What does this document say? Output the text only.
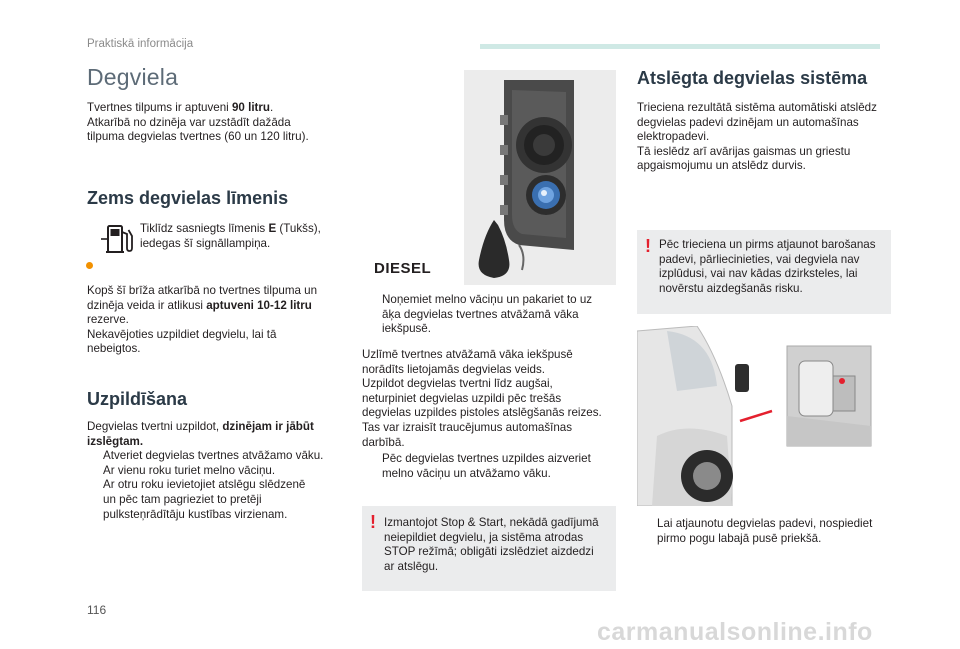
Praktiskā informācija
Degviela
Tvertnes tilpums ir aptuveni 90 litru.
Atkarībā no dzinēja var uzstādīt dažāda
tilpuma degvielas tvertnes (60 un 120 litru).
Zems degvielas līmenis
Tiklīdz sasniegts līmenis E (Tukšs),
iedegas šī signāllampiņa.
Kopš šī brīža atkarībā no tvertnes tilpuma un
dzinēja veida ir atlikusi aptuveni 10-12 litru
rezerve.
Nekavējoties uzpildiet degvielu, lai tā
nebeigtos.
Uzpildīšana
Degvielas tvertni uzpildot, dzinējam ir jābūt
izslēgtam.
Atveriet degvielas tvertnes atvāžamo vāku.
Ar vienu roku turiet melno vāciņu.
Ar otru roku ievietojiet atslēgu slēdzenē
un pēc tam pagrieziet to pretēji
pulksteņrādītāju kustības virzienam.
DIESEL
Noņemiet melno vāciņu un pakariet to uz
āķa degvielas tvertnes atvāžamā vāka
iekšpusē.
Uzlīmē tvertnes atvāžamā vāka iekšpusē
norādīts lietojamās degvielas veids.
Uzpildot degvielas tvertni līdz augšai,
neturpiniet degvielas uzpildi pēc trešās
degvielas uzpildes pistoles atslēgšanās reizes.
Tas var izraisīt traucējumus automašīnas
darbībā.
Pēc degvielas tvertnes uzpildes aizveriet
melno vāciņu un atvāžamo vāku.
! Izmantojot Stop & Start, nekādā gadījumā
neiepildiet degvielu, ja sistēma atrodas
STOP režīmā; obligāti izslēdziet aizdedzi
ar atslēgu.
Atslēgta degvielas sistēma
Trieciena rezultātā sistēma automātiski atslēdz
degvielas padevi dzinējam un automašīnas
elektropadevi.
Tā ieslēdz arī avārijas gaismas un griestu
apgaismojumu un atslēdz durvis.
! Pēc trieciena un pirms atjaunot barošanas
padevi, pārliecinieties, vai degviela nav
izplūdusi, vai nav kādas dzirksteles, lai
novērstu aizdegšanās risku.
Lai atjaunotu degvielas padevi, nospiediet
pirmo pogu labajā pusē priekšā.
116
carmanualsonline.info
